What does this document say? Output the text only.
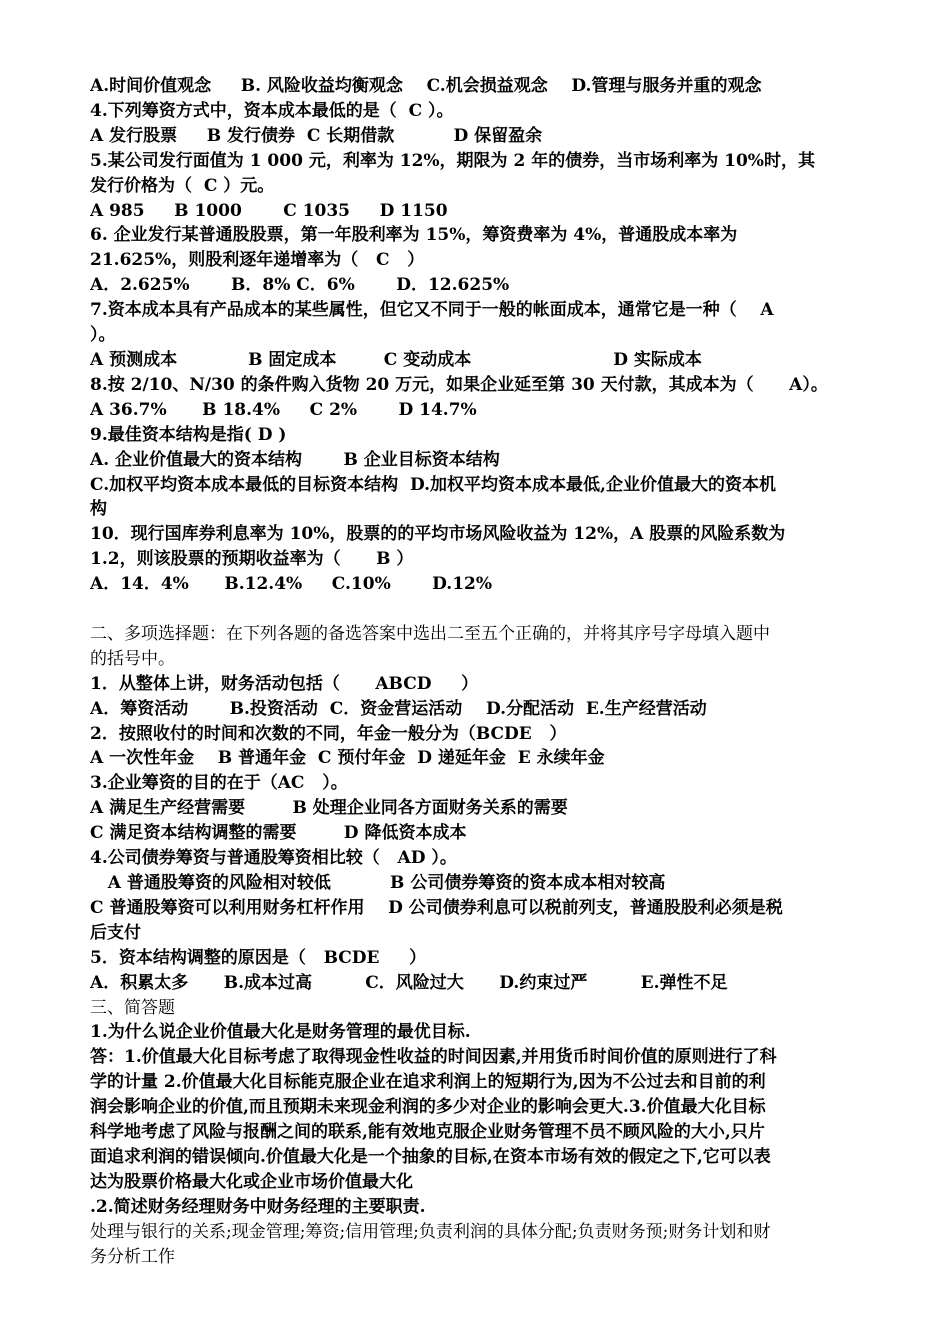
A.时间价值观念     B. 风险收益均衡观念    C.机会损益观念    D.管理与服务并重的观念
4.下列筹资方式中，资本成本最低的是（  C ）。
A 发行股票     B 发行债券  C 长期借款          D 保留盈余
5.某公司发行面值为 1 000 元，利率为 12%，期限为 2 年的债券，当市场利率为 10%时，其
发行价格为（  C ）元。
A 985     B 1000       C 1035     D 1150
6. 企业发行某普通股股票，第一年股利率为 15%，筹资费率为 4%，普通股成本率为
21.625%，则股利逐年递增率为（   C   ）
A．2.625%       B．8% C．6%       D．12.625%
7.资本成本具有产品成本的某些属性，但它又不同于一般的帐面成本，通常它是一种（    A
）。
A 预测成本            B 固定成本        C 变动成本                        D 实际成本
8.按 2/10、N/30 的条件购入货物 20 万元，如果企业延至第 30 天付款，其成本为（      A）。
A 36.7%      B 18.4%     C 2%       D 14.7%
9.最佳资本结构是指( D )
A. 企业价值最大的资本结构       B 企业目标资本结构
C.加权平均资本成本最低的目标资本结构  D.加权平均资本成本最低,企业价值最大的资本机
构
10．现行国库券利息率为 10%，股票的的平均市场风险收益为 12%，A 股票的风险系数为
1.2，则该股票的预期收益率为（      B ）
A．14．4%      B.12.4%     C.10%       D.12%
二、多项选择题：在下列各题的备选答案中选出二至五个正确的，并将其序号字母填入题中
的括号中。
1．从整体上讲，财务活动包括（      ABCD     ）
A．筹资活动       B.投资活动  C．资金营运活动    D.分配活动  E.生产经营活动
2．按照收付的时间和次数的不同，年金一般分为（BCDE   ）
A 一次性年金    B 普通年金  C 预付年金  D 递延年金  E 永续年金
3.企业筹资的目的在于（AC   ）。
A 满足生产经营需要        B 处理企业同各方面财务关系的需要
C 满足资本结构调整的需要        D 降低资本成本
4.公司债券筹资与普通股筹资相比较（   AD ）。
A 普通股筹资的风险相对较低          B 公司债券筹资的资本成本相对较高
C 普通股筹资可以利用财务杠杆作用    D 公司债券利息可以税前列支，普通股股利必须是税
后支付
5．资本结构调整的原因是（   BCDE     ）
A．积累太多      B.成本过高         C．风险过大      D.约束过严         E.弹性不足
三、简答题
1.为什么说企业价值最大化是财务管理的最优目标.
答：1.价值最大化目标考虑了取得现金性收益的时间因素,并用货币时间价值的原则进行了科
学的计量 2.价值最大化目标能克服企业在追求利润上的短期行为,因为不公过去和目前的利
润会影响企业的价值,而且预期未来现金利润的多少对企业的影响会更大.3.价值最大化目标
科学地考虑了风险与报酬之间的联系,能有效地克服企业财务管理不员不顾风险的大小,只片
面追求利润的错误倾向.价值最大化是一个抽象的目标,在资本市场有效的假定之下,它可以表
达为股票价格最大化或企业市场价值最大化
.2.简述财务经理财务中财务经理的主要职责.
处理与银行的关系;现金管理;筹资;信用管理;负责利润的具体分配;负责财务预;财务计划和财
务分析工作
